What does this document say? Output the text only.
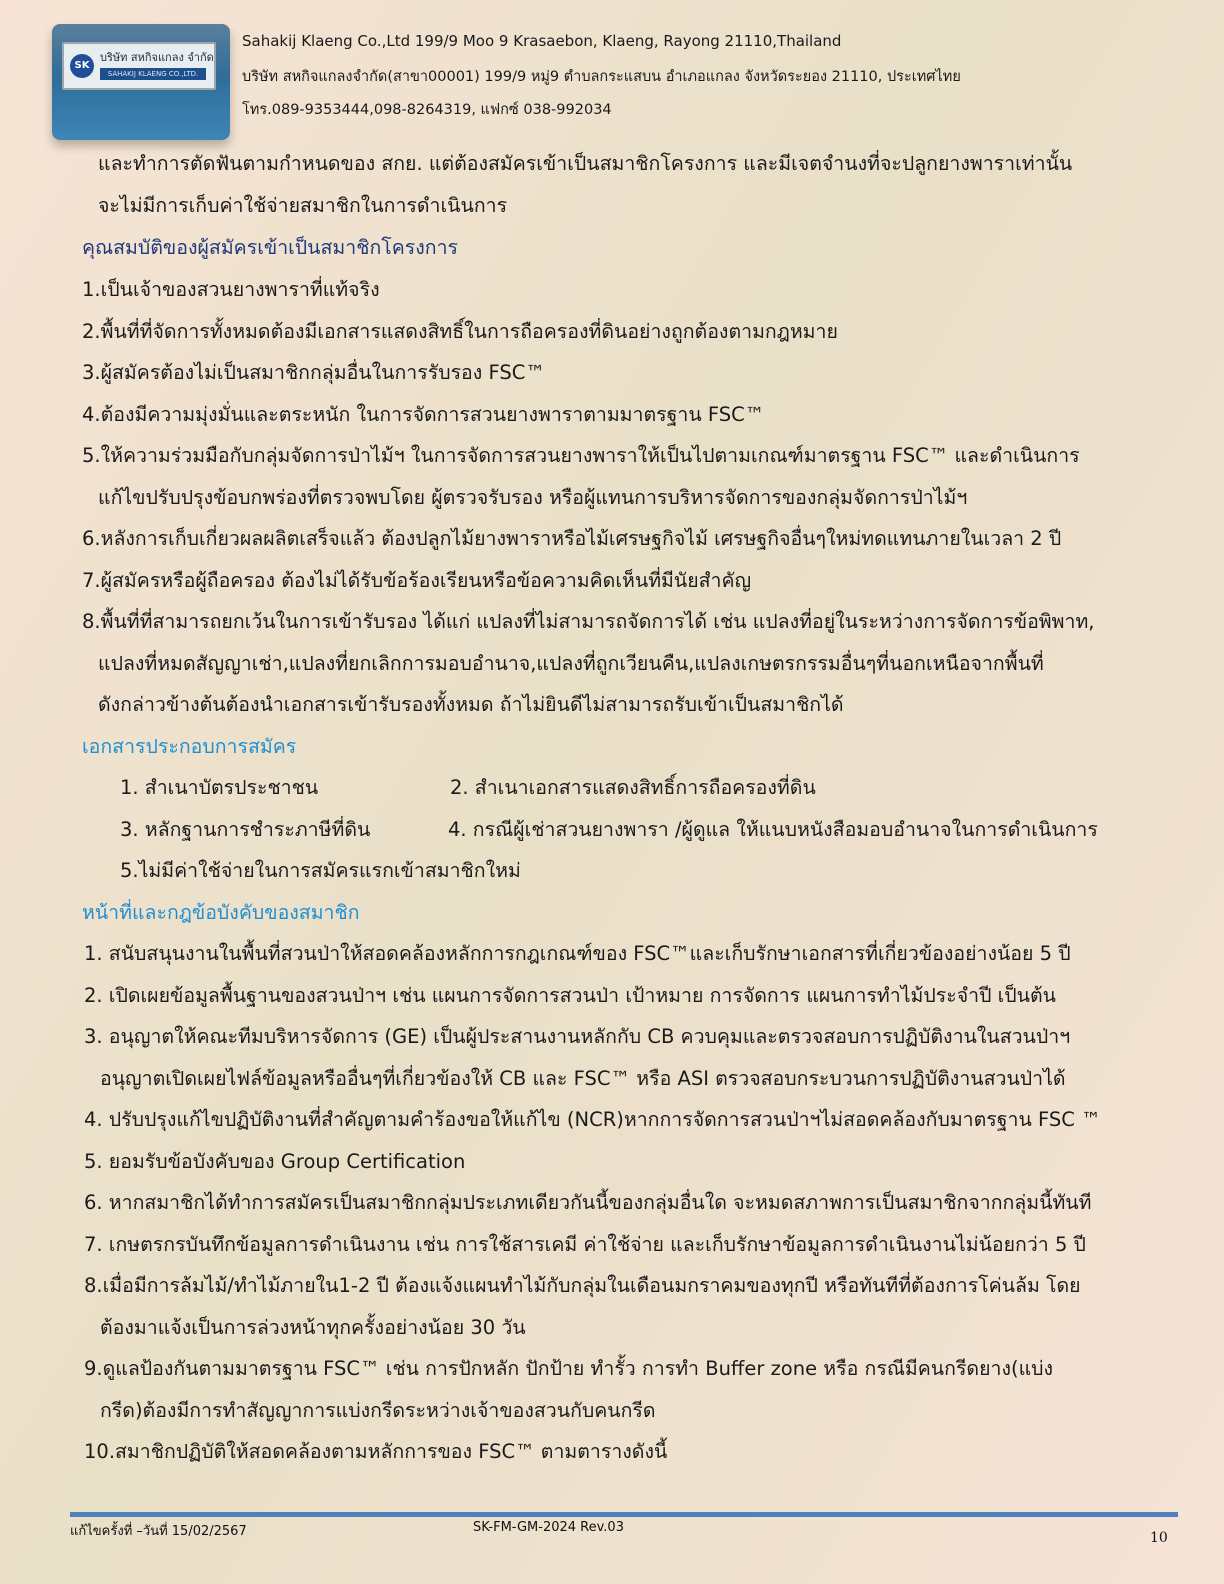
SK
บริษัท สหกิจแกลง จำกัด
SAHAKIJ KLAENG CO.,LTD.
Sahakij Klaeng Co.,Ltd 199/9 Moo 9 Krasaebon, Klaeng, Rayong 21110,Thailand
บริษัท สหกิจแกลงจำกัด(สาขา00001) 199/9 หมู่9 ตำบลกระแสบน อำเภอแกลง จังหวัดระยอง 21110, ประเทศไทย
โทร.089-9353444,098-8264319, แฟกซ์ 038-992034
และทำการตัดฟันตามกำหนดของ สกย. แต่ต้องสมัครเข้าเป็นสมาชิกโครงการ และมีเจตจำนงที่จะปลูกยางพาราเท่านั้น
จะไม่มีการเก็บค่าใช้จ่ายสมาชิกในการดำเนินการ
คุณสมบัติของผู้สมัครเข้าเป็นสมาชิกโครงการ
1.เป็นเจ้าของสวนยางพาราที่แท้จริง
2.พื้นที่ที่จัดการทั้งหมดต้องมีเอกสารแสดงสิทธิ์ในการถือครองที่ดินอย่างถูกต้องตามกฎหมาย
3.ผู้สมัครต้องไม่เป็นสมาชิกกลุ่มอื่นในการรับรอง FSC™
4.ต้องมีความมุ่งมั่นและตระหนัก ในการจัดการสวนยางพาราตามมาตรฐาน FSC™
5.ให้ความร่วมมือกับกลุ่มจัดการป่าไม้ฯ ในการจัดการสวนยางพาราให้เป็นไปตามเกณฑ์มาตรฐาน FSC™ และดำเนินการ
แก้ไขปรับปรุงข้อบกพร่องที่ตรวจพบโดย ผู้ตรวจรับรอง หรือผู้แทนการบริหารจัดการของกลุ่มจัดการป่าไม้ฯ
6.หลังการเก็บเกี่ยวผลผลิตเสร็จแล้ว ต้องปลูกไม้ยางพาราหรือไม้เศรษฐกิจไม้ เศรษฐกิจอื่นๆใหม่ทดแทนภายในเวลา 2 ปี
7.ผู้สมัครหรือผู้ถือครอง ต้องไม่ได้รับข้อร้องเรียนหรือข้อความคิดเห็นที่มีนัยสำคัญ
8.พื้นที่ที่สามารถยกเว้นในการเข้ารับรอง ได้แก่ แปลงที่ไม่สามารถจัดการได้ เช่น แปลงที่อยู่ในระหว่างการจัดการข้อพิพาท,
แปลงที่หมดสัญญาเช่า,แปลงที่ยกเลิกการมอบอำนาจ,แปลงที่ถูกเวียนคืน,แปลงเกษตรกรรมอื่นๆที่นอกเหนือจากพื้นที่
ดังกล่าวข้างต้นต้องนำเอกสารเข้ารับรองทั้งหมด ถ้าไม่ยินดีไม่สามารถรับเข้าเป็นสมาชิกได้
เอกสารประกอบการสมัคร
1. สำเนาบัตรประชาชน	2. สำเนาเอกสารแสดงสิทธิ์การถือครองที่ดิน
3. หลักฐานการชำระภาษีที่ดิน	4. กรณีผู้เช่าสวนยางพารา /ผู้ดูแล ให้แนบหนังสือมอบอำนาจในการดำเนินการ
5.ไม่มีค่าใช้จ่ายในการสมัครแรกเข้าสมาชิกใหม่
หน้าที่และกฎข้อบังคับของสมาชิก
1. สนับสนุนงานในพื้นที่สวนป่าให้สอดคล้องหลักการกฎเกณฑ์ของ FSC™และเก็บรักษาเอกสารที่เกี่ยวข้องอย่างน้อย 5 ปี
2. เปิดเผยข้อมูลพื้นฐานของสวนป่าฯ เช่น แผนการจัดการสวนป่า เป้าหมาย การจัดการ แผนการทำไม้ประจำปี เป็นต้น
3. อนุญาตให้คณะทีมบริหารจัดการ (GE) เป็นผู้ประสานงานหลักกับ CB ควบคุมและตรวจสอบการปฏิบัติงานในสวนป่าฯ
อนุญาตเปิดเผยไฟล์ข้อมูลหรืออื่นๆที่เกี่ยวข้องให้ CB และ FSC™ หรือ ASI ตรวจสอบกระบวนการปฏิบัติงานสวนป่าได้
4. ปรับปรุงแก้ไขปฏิบัติงานที่สำคัญตามคำร้องขอให้แก้ไข (NCR)หากการจัดการสวนป่าฯไม่สอดคล้องกับมาตรฐาน FSC ™
5. ยอมรับข้อบังคับของ Group Certification
6. หากสมาชิกได้ทำการสมัครเป็นสมาชิกกลุ่มประเภทเดียวกันนี้ของกลุ่มอื่นใด จะหมดสภาพการเป็นสมาชิกจากกลุ่มนี้ทันที
7. เกษตรกรบันทึกข้อมูลการดำเนินงาน เช่น การใช้สารเคมี ค่าใช้จ่าย และเก็บรักษาข้อมูลการดำเนินงานไม่น้อยกว่า 5 ปี
8.เมื่อมีการล้มไม้/ทำไม้ภายใน1-2 ปี ต้องแจ้งแผนทำไม้กับกลุ่มในเดือนมกราคมของทุกปี หรือทันทีที่ต้องการโค่นล้ม โดย
ต้องมาแจ้งเป็นการล่วงหน้าทุกครั้งอย่างน้อย 30 วัน
9.ดูแลป้องกันตามมาตรฐาน FSC™ เช่น การปักหลัก ปักป้าย ทำรั้ว การทำ Buffer zone หรือ กรณีมีคนกรีดยาง(แบ่ง
กรีด)ต้องมีการทำสัญญาการแบ่งกรีดระหว่างเจ้าของสวนกับคนกรีด
10.สมาชิกปฏิบัติให้สอดคล้องตามหลักการของ FSC™ ตามตารางดังนี้
แก้ไขครั้งที่ –วันที่ 15/02/2567	SK-FM-GM-2024 Rev.03
10
